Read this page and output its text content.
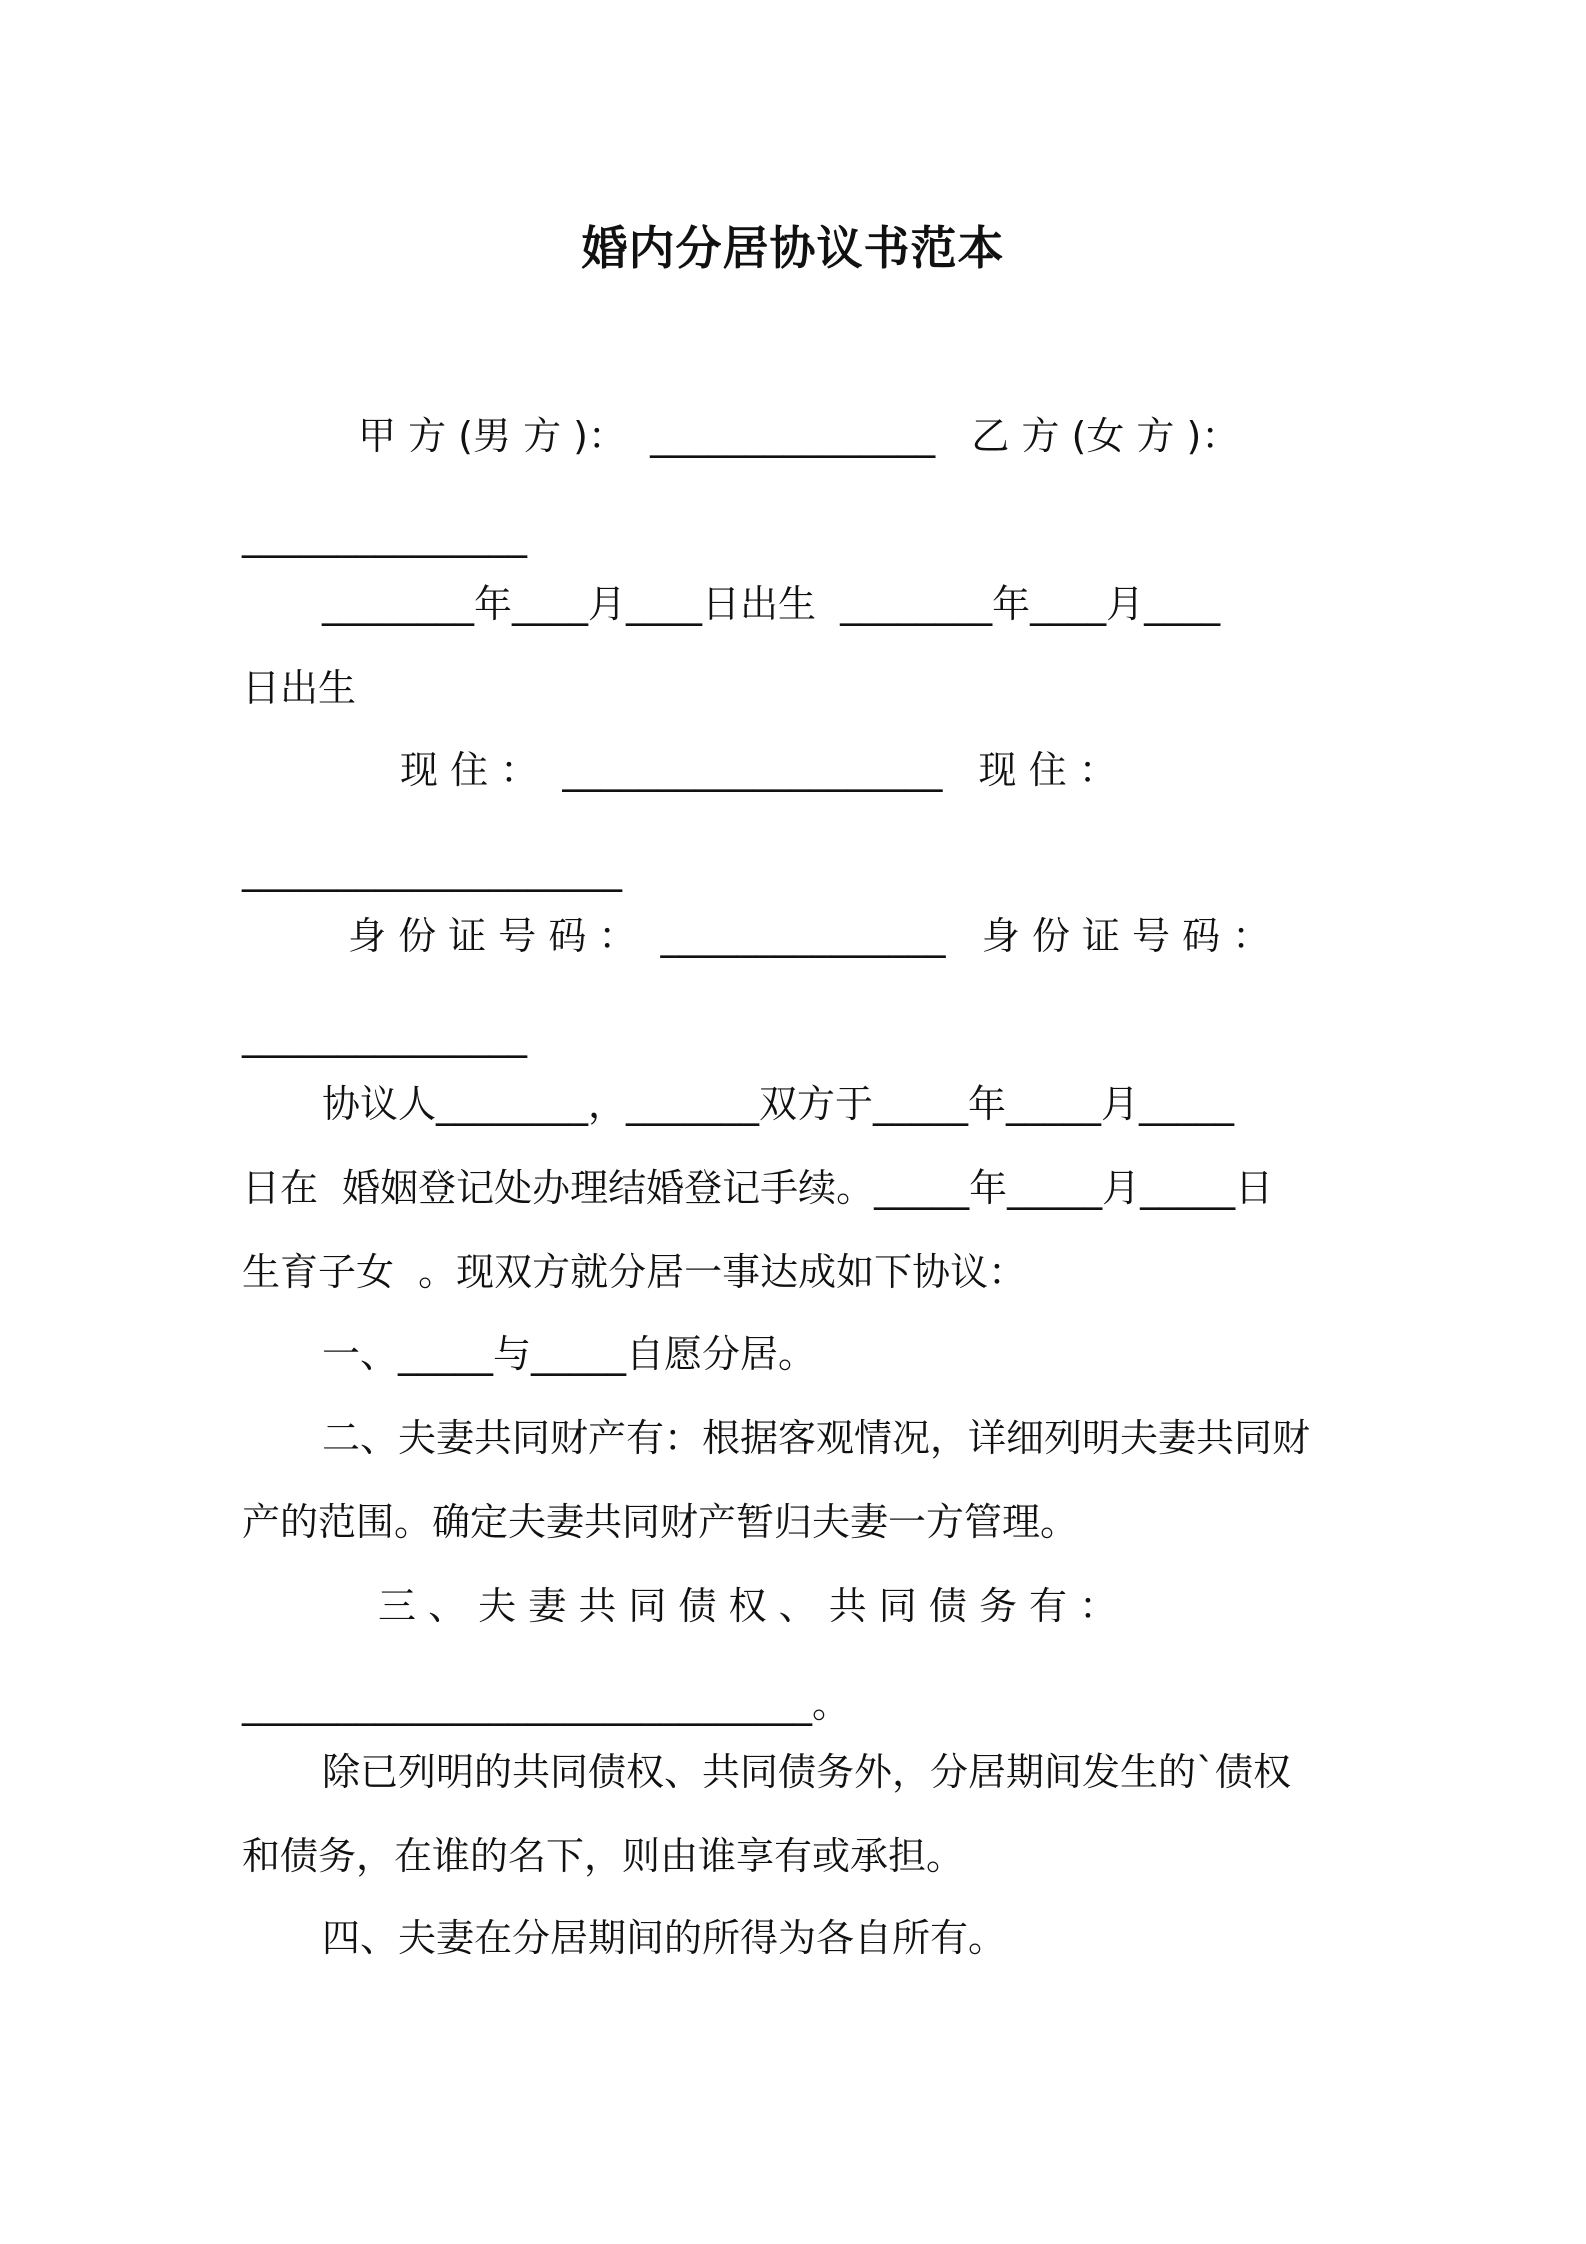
婚内分居协议书范本
甲 方 (男 方 )：  _______________   乙 方 (女 方 )：
_______________
________年____月____日出生  ________年____月____
日出生
现 住 ：  ____________________   现 住 ：
____________________
身 份 证 号 码 ：  _______________   身 份 证 号 码 ：
_______________
协议人________，_______双方于_____年_____月_____
日在  婚姻登记处办理结婚登记手续。_____年_____月_____日
生育子女  。现双方就分居一事达成如下协议：
一、_____与_____自愿分居。
二、夫妻共同财产有：根据客观情况，详细列明夫妻共同财
产的范围。确定夫妻共同财产暂归夫妻一方管理。
三 、 夫 妻 共 同 债 权 、 共 同 债 务 有 ：
______________________________。
除已列明的共同债权、共同债务外，分居期间发生的`债权
和债务，在谁的名下，则由谁享有或承担。
四、夫妻在分居期间的所得为各自所有。
